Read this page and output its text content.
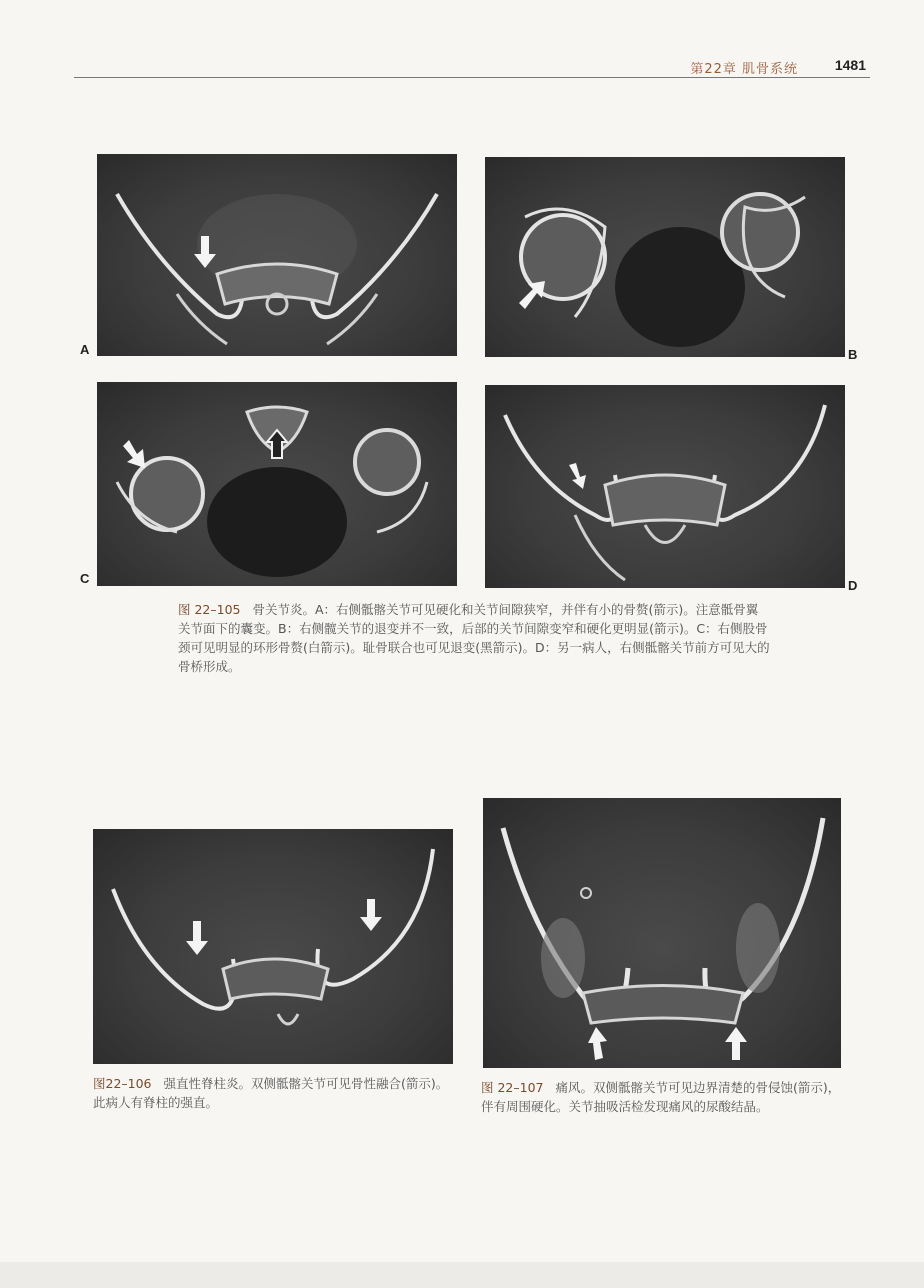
第22章 肌骨系统	1481
A	B
C	D
图 22–105 骨关节炎。A：右侧骶髂关节可见硬化和关节间隙狭窄，并伴有小的骨赘(箭示)。注意骶骨翼关节面下的囊变。B：右侧髋关节的退变并不一致，后部的关节间隙变窄和硬化更明显(箭示)。C：右侧股骨颈可见明显的环形骨赘(白箭示)。耻骨联合也可见退变(黑箭示)。D：另一病人，右侧骶髂关节前方可见大的骨桥形成。
图22–106 强直性脊柱炎。双侧骶髂关节可见骨性融合(箭示)。此病人有脊柱的强直。
图 22–107 痛风。双侧骶髂关节可见边界清楚的骨侵蚀(箭示)，伴有周围硬化。关节抽吸活检发现痛风的尿酸结晶。
